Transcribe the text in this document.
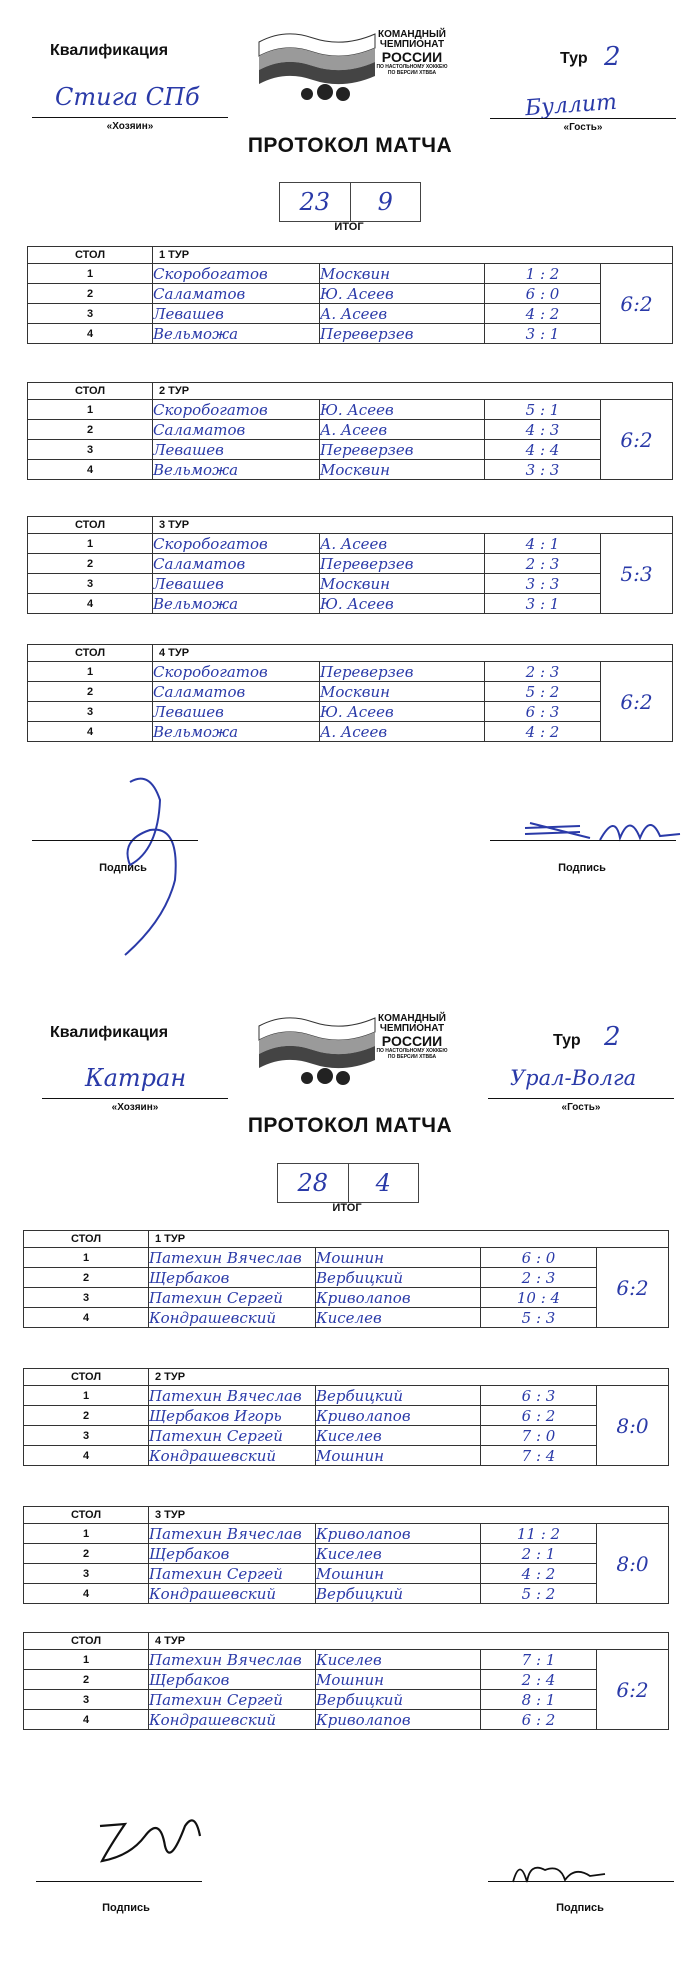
Квалификация
КОМАНДНЫЙ
ЧЕМПИОНАТ
РОССИИ
ПО НАСТОЛЬНОМУ ХОККЕЮ
ПО ВЕРСИИ ХТВБА
Тур 2
Стига СПб
«Хозяин»
Буллит
«Гость»
ПРОТОКОЛ МАТЧА
23	9
ИТОГ
СТОЛ	1 ТУР			
1	Скоробогатов	Москвин	1 : 2	6:2
2	Саламатов	Ю. Асеев	6 : 0	
3	Левашев	А. Асеев	4 : 2	
4	Вельможа	Переверзев	3 : 1	
СТОЛ	2 ТУР			
1	Скоробогатов	Ю. Асеев	5 : 1	6:2
2	Саламатов	А. Асеев	4 : 3	
3	Левашев	Переверзев	4 : 4	
4	Вельможа	Москвин	3 : 3	
СТОЛ	3 ТУР			
1	Скоробогатов	А. Асеев	4 : 1	5:3
2	Саламатов	Переверзев	2 : 3	
3	Левашев	Москвин	3 : 3	
4	Вельможа	Ю. Асеев	3 : 1	
СТОЛ	4 ТУР			
1	Скоробогатов	Переверзев	2 : 3	6:2
2	Саламатов	Москвин	5 : 2	
3	Левашев	Ю. Асеев	6 : 3	
4	Вельможа	А. Асеев	4 : 2	
Подпись	Подпись
Квалификация
КОМАНДНЫЙ
ЧЕМПИОНАТ
РОССИИ
ПО НАСТОЛЬНОМУ ХОККЕЮ
ПО ВЕРСИИ ХТВБА
Тур 2
Катран
«Хозяин»
Урал-Волга
«Гость»
ПРОТОКОЛ МАТЧА
28	4
ИТОГ
СТОЛ	1 ТУР			
1	Патехин Вячеслав	Мошнин	6 : 0	6:2
2	Щербаков	Вербицкий	2 : 3	
3	Патехин Сергей	Криволапов	10 : 4	
4	Кондрашевский	Киселев	5 : 3	
СТОЛ	2 ТУР			
1	Патехин Вячеслав	Вербицкий	6 : 3	8:0
2	Щербаков Игорь	Криволапов	6 : 2	
3	Патехин Сергей	Киселев	7 : 0	
4	Кондрашевский	Мошнин	7 : 4	
СТОЛ	3 ТУР			
1	Патехин Вячеслав	Криволапов	11 : 2	8:0
2	Щербаков	Киселев	2 : 1	
3	Патехин Сергей	Мошнин	4 : 2	
4	Кондрашевский	Вербицкий	5 : 2	
СТОЛ	4 ТУР			
1	Патехин Вячеслав	Киселев	7 : 1	6:2
2	Щербаков	Мошнин	2 : 4	
3	Патехин Сергей	Вербицкий	8 : 1	
4	Кондрашевский	Криволапов	6 : 2	
Подпись	Подпись
